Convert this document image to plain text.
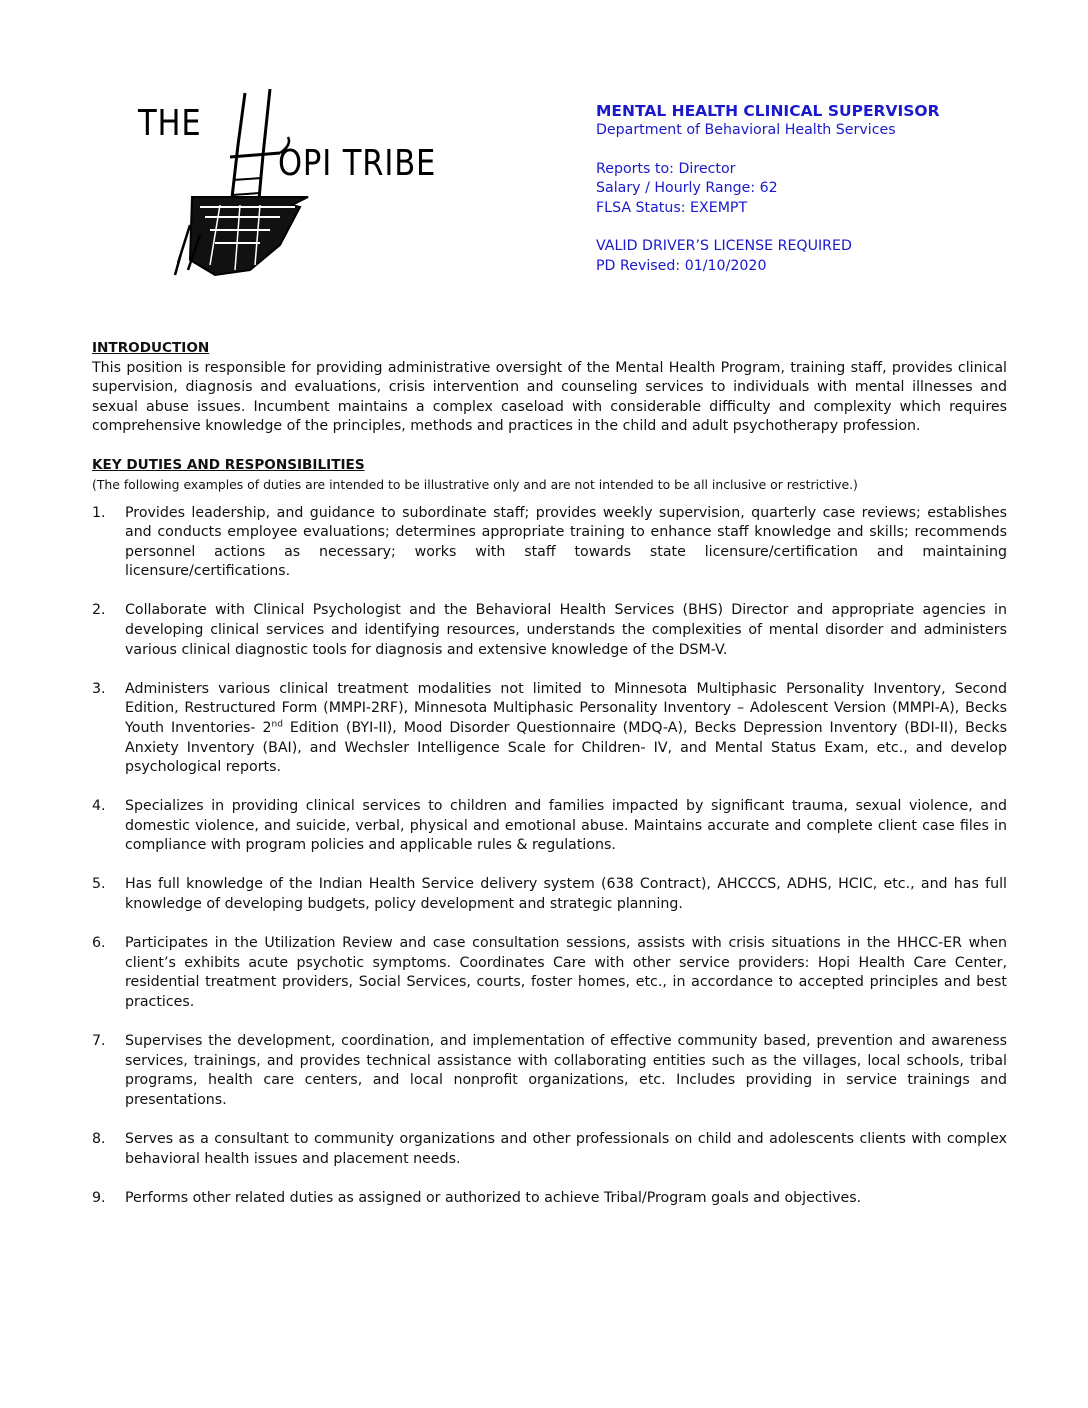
THE
OPI TRIBE
MENTAL HEALTH CLINICAL SUPERVISOR
Department of Behavioral Health Services
Reports to: Director
Salary / Hourly Range: 62
FLSA Status: EXEMPT
VALID DRIVER’S LICENSE REQUIRED
PD Revised: 01/10/2020
INTRODUCTION
This position is responsible for providing administrative oversight of the Mental Health Program, training staff, provides clinical supervision, diagnosis and evaluations, crisis intervention and counseling services to individuals with mental illnesses and sexual abuse issues. Incumbent maintains a complex caseload with considerable difficulty and complexity which requires comprehensive knowledge of the principles, methods and practices in the child and adult psychotherapy profession.
KEY DUTIES AND RESPONSIBILITIES
(The following examples of duties are intended to be illustrative only and are not intended to be all inclusive or restrictive.)
1. Provides leadership, and guidance to subordinate staff; provides weekly supervision, quarterly case reviews; establishes and conducts employee evaluations; determines appropriate training to enhance staff knowledge and skills; recommends personnel actions as necessary; works with staff towards state licensure/certification and maintaining licensure/certifications.
2. Collaborate with Clinical Psychologist and the Behavioral Health Services (BHS) Director and appropriate agencies in developing clinical services and identifying resources, understands the complexities of mental disorder and administers various clinical diagnostic tools for diagnosis and extensive knowledge of the DSM-V.
3. Administers various clinical treatment modalities not limited to Minnesota Multiphasic Personality Inventory, Second Edition, Restructured Form (MMPI-2RF), Minnesota Multiphasic Personality Inventory – Adolescent Version (MMPI-A), Becks Youth Inventories- 2nd Edition (BYI-II), Mood Disorder Questionnaire (MDQ-A), Becks Depression Inventory (BDI-II), Becks Anxiety Inventory (BAI), and Wechsler Intelligence Scale for Children- IV, and Mental Status Exam, etc., and develop psychological reports.
4. Specializes in providing clinical services to children and families impacted by significant trauma, sexual violence, and domestic violence, and suicide, verbal, physical and emotional abuse. Maintains accurate and complete client case files in compliance with program policies and applicable rules & regulations.
5. Has full knowledge of the Indian Health Service delivery system (638 Contract), AHCCCS, ADHS, HCIC, etc., and has full knowledge of developing budgets, policy development and strategic planning.
6. Participates in the Utilization Review and case consultation sessions, assists with crisis situations in the HHCC-ER when client’s exhibits acute psychotic symptoms. Coordinates Care with other service providers: Hopi Health Care Center, residential treatment providers, Social Services, courts, foster homes, etc., in accordance to accepted principles and best practices.
7. Supervises the development, coordination, and implementation of effective community based, prevention and awareness services, trainings, and provides technical assistance with collaborating entities such as the villages, local schools, tribal programs, health care centers, and local nonprofit organizations, etc. Includes providing in service trainings and presentations.
8. Serves as a consultant to community organizations and other professionals on child and adolescents clients with complex behavioral health issues and placement needs.
9. Performs other related duties as assigned or authorized to achieve Tribal/Program goals and objectives.
